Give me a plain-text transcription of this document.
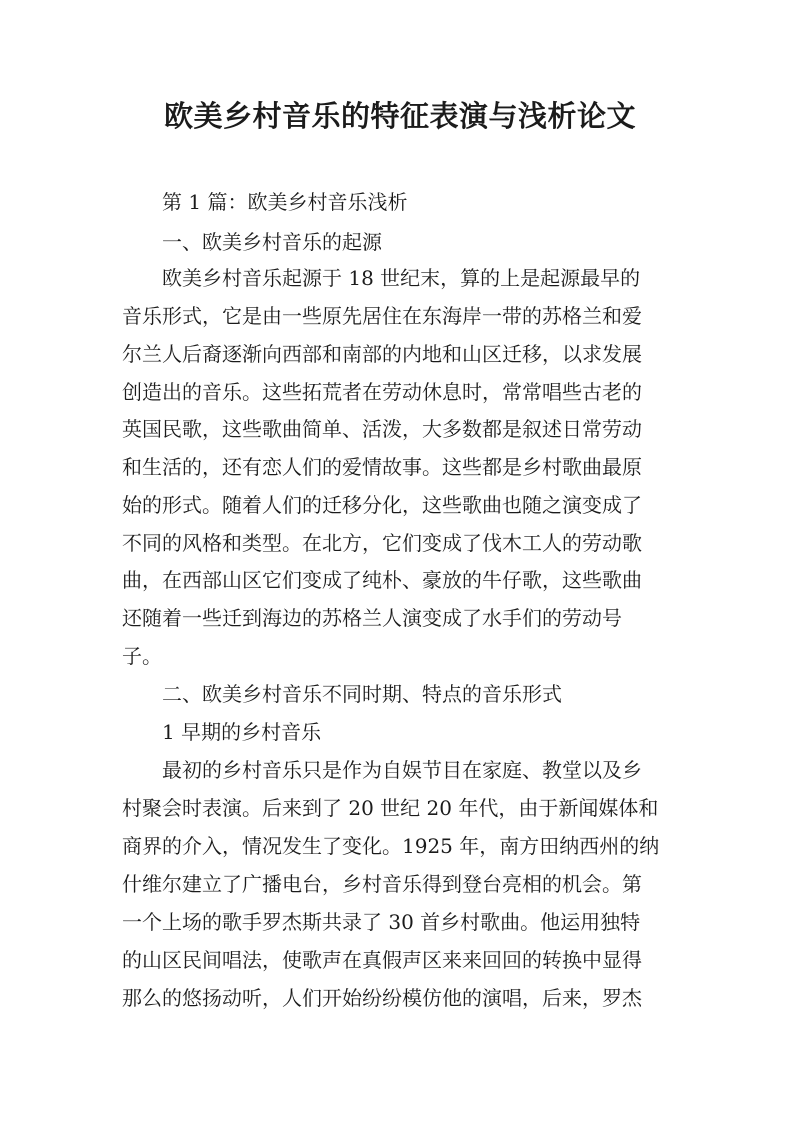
欧美乡村音乐的特征表演与浅析论文
第 1 篇：欧美乡村音乐浅析
一、欧美乡村音乐的起源
欧美乡村音乐起源于 18 世纪末，算的上是起源最早的
音乐形式，它是由一些原先居住在东海岸一带的苏格兰和爱
尔兰人后裔逐渐向西部和南部的内地和山区迁移，以求发展
创造出的音乐。这些拓荒者在劳动休息时，常常唱些古老的
英国民歌，这些歌曲简单、活泼，大多数都是叙述日常劳动
和生活的，还有恋人们的爱情故事。这些都是乡村歌曲最原
始的形式。随着人们的迁移分化，这些歌曲也随之演变成了
不同的风格和类型。在北方，它们变成了伐木工人的劳动歌
曲，在西部山区它们变成了纯朴、豪放的牛仔歌，这些歌曲
还随着一些迁到海边的苏格兰人演变成了水手们的劳动号
子。
二、欧美乡村音乐不同时期、特点的音乐形式
1 早期的乡村音乐
最初的乡村音乐只是作为自娱节目在家庭、教堂以及乡
村聚会时表演。后来到了 20 世纪 20 年代，由于新闻媒体和
商界的介入，情况发生了变化。1925 年，南方田纳西州的纳
什维尔建立了广播电台，乡村音乐得到登台亮相的机会。第
一个上场的歌手罗杰斯共录了 30 首乡村歌曲。他运用独特
的山区民间唱法，使歌声在真假声区来来回回的转换中显得
那么的悠扬动听，人们开始纷纷模仿他的演唱，后来，罗杰
